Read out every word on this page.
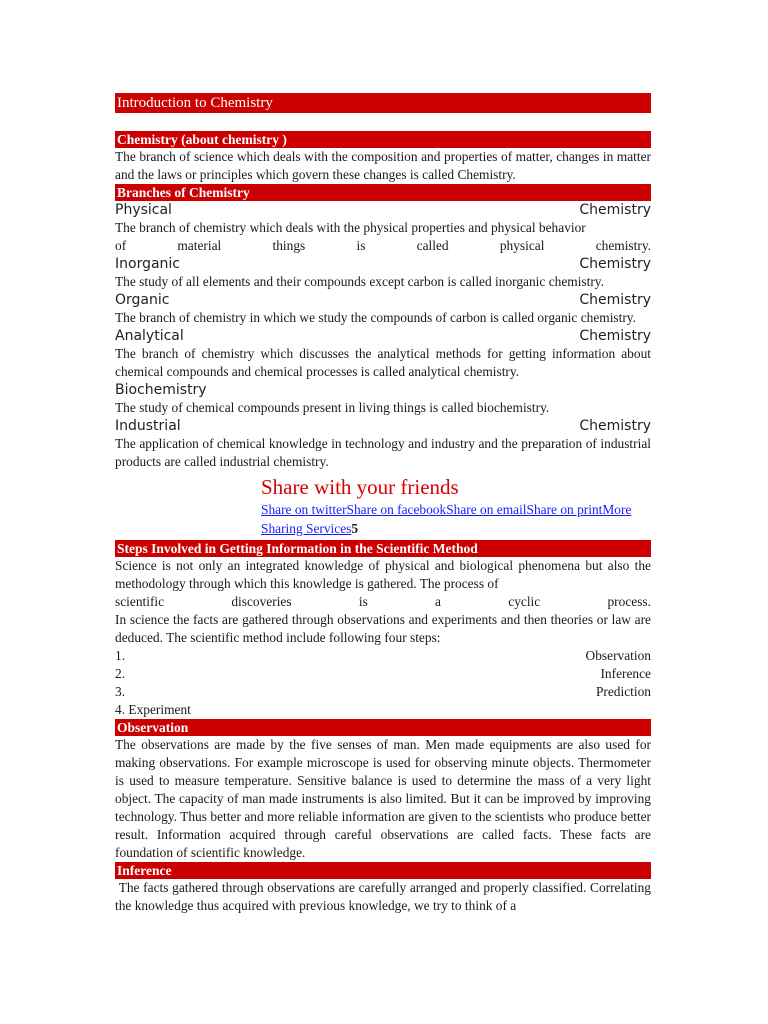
Introduction to Chemistry
Chemistry (about chemistry )

The branch of science which deals with the composition and properties of matter, changes in matter and the laws or principles which govern these changes is called Chemistry.

Branches of Chemistry
Physical	Chemistry

The branch of chemistry which deals with the physical properties and physical behavior

of material things is called physical chemistry.

Inorganic	Chemistry

The study of all elements and their compounds except carbon is called inorganic chemistry.

Organic	Chemistry

The branch of chemistry in which we study the compounds of carbon is called organic chemistry.

Analytical	Chemistry

The branch of chemistry which discusses the analytical methods for getting information about chemical compounds and chemical processes is called analytical chemistry.

Biochemistry

The study of chemical compounds present in living things is called biochemistry.

Industrial	Chemistry

The application of chemical knowledge in technology and industry and the preparation of industrial products are called industrial chemistry.

Share with your friends
Share on twitterShare on facebookShare on emailShare on printMore Sharing Services5
Steps Involved in Getting Information in the Scientific Method

Science is not only an integrated knowledge of physical and biological phenomena but also the methodology through which this knowledge is gathered. The process of

scientific discoveries is a cyclic process.

In science the facts are gathered through observations and experiments and then theories or law are deduced. The scientific method include following four steps:

1.	Observation
2.	Inference
3.	Prediction

4. Experiment

Observation

The observations are made by the five senses of man. Men made equipments are also used for making observations. For example microscope is used for observing minute objects. Thermometer is used to measure temperature. Sensitive balance is used to determine the mass of a very light object. The capacity of man made instruments is also limited. But it can be improved by improving technology. Thus better and more reliable information are given to the scientists who produce better result. Information acquired through careful observations are called facts. These facts are foundation of scientific knowledge.

Inference

The facts gathered through observations are carefully arranged and properly classified. Correlating the knowledge thus acquired with previous knowledge, we try to think of a
